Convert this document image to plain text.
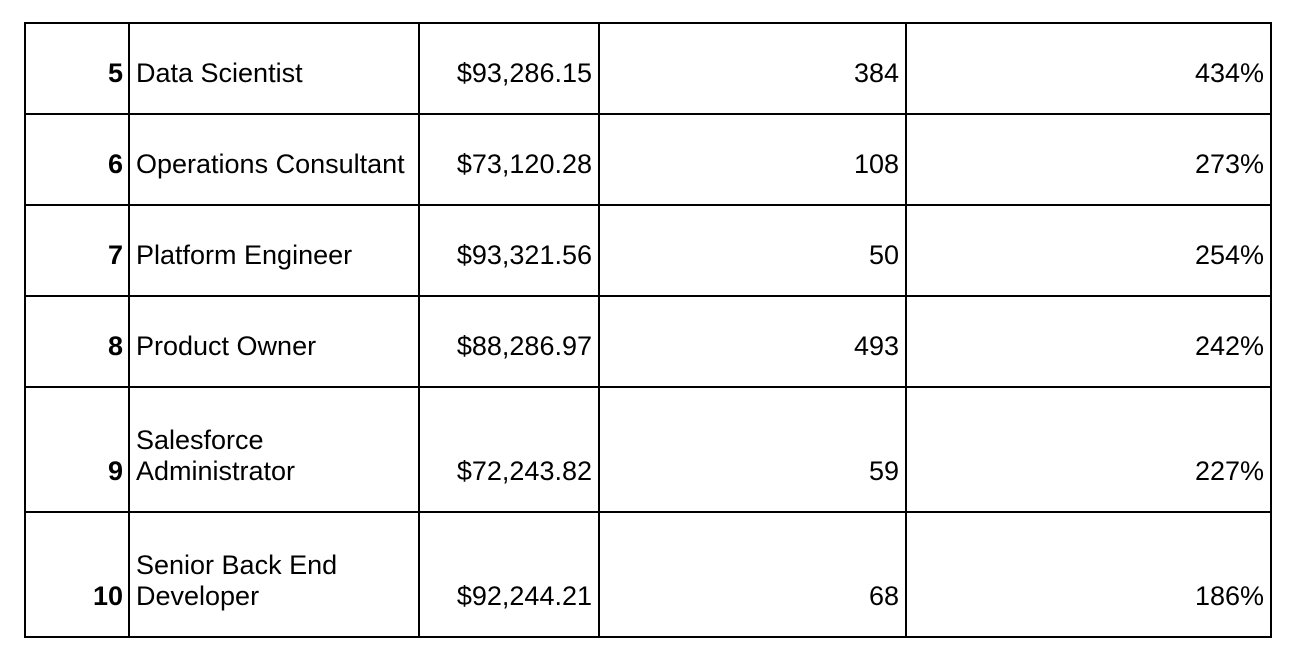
5	Data Scientist	$93,286.15	384	434%
6	Operations Consultant	$73,120.28	108	273%
7	Platform Engineer	$93,321.56	50	254%
8	Product Owner	$88,286.97	493	242%
9	Salesforce Administrator	$72,243.82	59	227%
10	Senior Back End Developer	$92,244.21	68	186%
